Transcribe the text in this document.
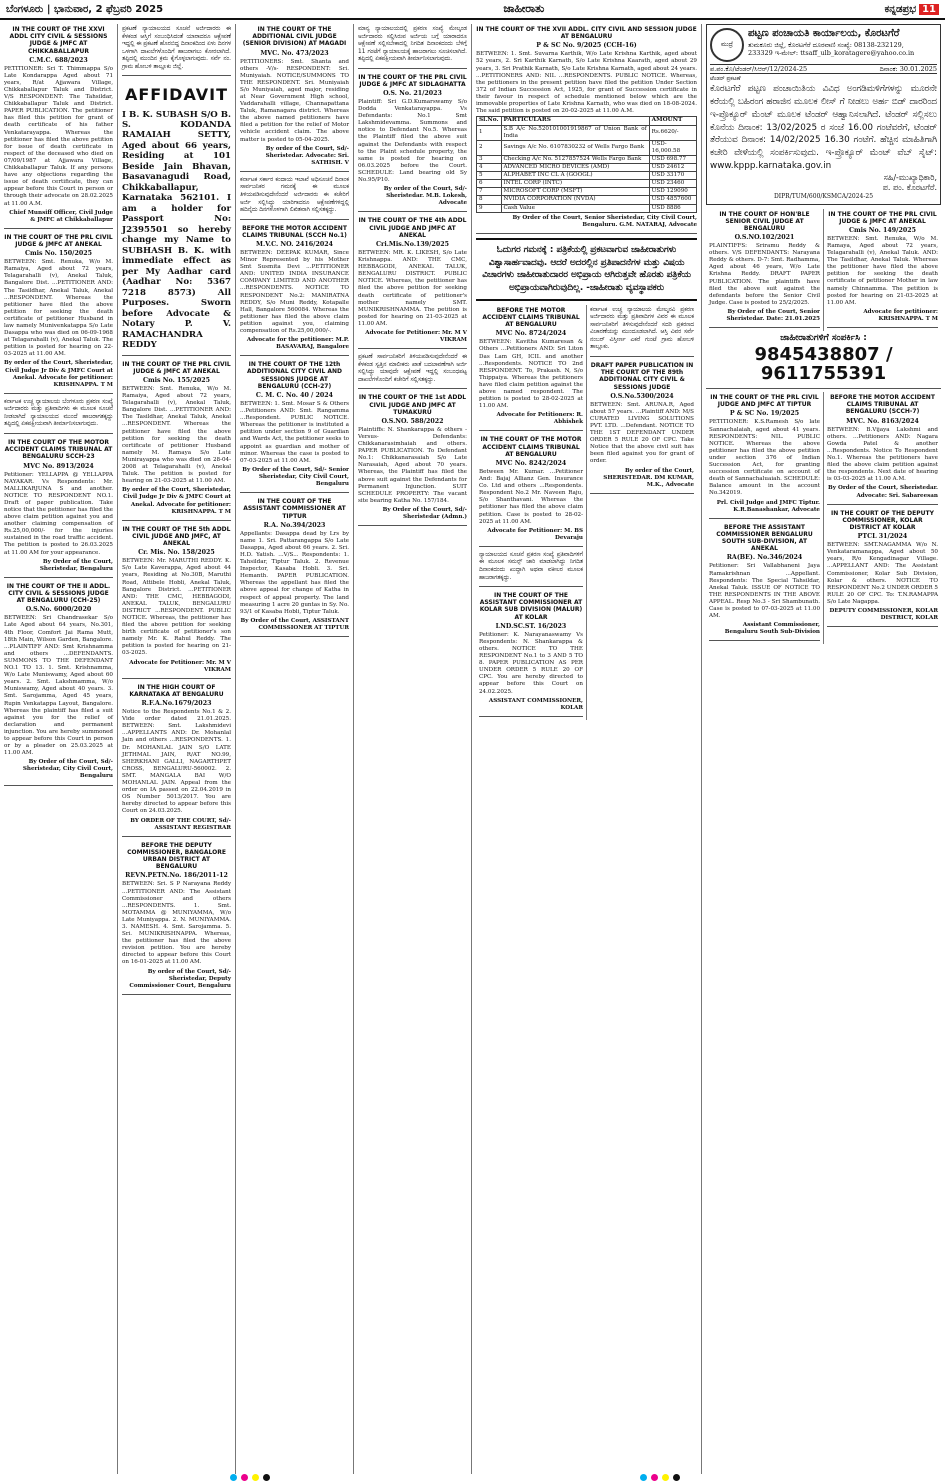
ಬೆಂಗಳೂರು | ಭಾನುವಾರ, 2 ಫೆಬ್ರವರಿ 2025	ಜಾಹೀರಾತು	ಕನ್ನಡಪ್ರಭ 11
IN THE COURT OF THE XXVI ADDL CITY CIVIL & SESSIONS JUDGE & JMFC AT CHIKKABALLAPUR
C.M.C. 688/2023

PETITIONER: Sri T. Thimmappa S/o Late Kondarappa Aged about 71 years, R/at Ajjawara Village, Chikkaballapur Taluk and District. V/S RESPONDENT: The Tahsildar, Chikkaballapur Taluk and District. PAPER PUBLICATION. The petitioner has filed this petition for grant of death certificate of his father Venkatarayappa. Whereas the petitioner has filed the above petition for issue of death certificate in respect of the deceased who died on 07/09/1987 at Ajjawara Village, Chikkaballapur Taluk. If any persons have any objections regarding the issue of death certificate, they can appear before this Court in person or through their advocate on 28.02.2025 at 11.00 A.M.

Chief Munsiff Officer, Civil Judge & JMFC at Chikkaballapur
IN THE COURT OF THE PRL CIVIL JUDGE & JMFC AT ANEKAL
Cmis No. 150/2025

BETWEEN: Smt. Renuka, W/o M. Ramaiya, Aged about 72 years, Telagarahalli (v), Anekal Taluk, Bangalore Dist. ...PETITIONER AND: The Tasildhar, Anekal Taluk, Anekal ...RESPONDENT. Whereas the petitioner have filed the above petition for seeking the death certificate of petitioner Husband in law namely Munivenkatappa S/o Late Dasappa who was died on 06-09-1968 at Telagarahalli (v), Anekal Taluk. The petition is posted for hearing on 22-03-2025 at 11.00 AM.

By order of the Court, Sheristedar, Civil Judge Jr Div & JMFC Court at Anekal. Advocate for petitioner: KRISHNAPPA. T M
ಕರ್ನಾಟಕ ಉಚ್ಚ ನ್ಯಾಯಾಲಯ ಬೆಂಗಳೂರು ಪ್ರಕರಣ ಸಂಖ್ಯೆ ಅರ್ಜಿದಾರರು ಮತ್ತು ಪ್ರತಿವಾದಿಗಳು ಈ ಮೂಲಕ ಸೂಚನೆ ನೀಡಲಾಗಿದೆ ನ್ಯಾಯಾಲಯದ ಮುಂದೆ ಹಾಜರಾಗತಕ್ಕದ್ದು ತಪ್ಪಿದಲ್ಲಿ ಏಕಪಕ್ಷೀಯವಾಗಿ ತೀರ್ಮಾನಿಸಲಾಗುವುದು.
IN THE COURT OF THE MOTOR ACCIDENT CLAIMS TRIBUNAL AT BENGALURU SCCH-23
MVC No. 8913/2024

Petitioner: YELLAPPA @ YELLAPPA NAYAKAR. Vs Respondents: Mr. MALLIKARJUNA S and another. NOTICE TO RESPONDENT NO.1. Draft of paper publication. Take notice that the petitioner has filed the above claim petition against you and another claiming compensation of Rs.25,00,000/- for the injuries sustained in the road traffic accident. The petition is posted to 26.03.2025 at 11.00 AM for your appearance.

By Order of the Court, Sheristedar, Bengaluru
IN THE COURT OF THE II ADDL. CITY CIVIL & SESSIONS JUDGE AT BENGALURU (CCH-25)
O.S.No. 6000/2020

BETWEEN: Sri Chandrasekar S/o Late Aged about 64 years, No.301, 4th Floor, Comfort Jai Rama Mutt, 18th Main, Wilson Garden, Bangalore. ...PLAINTIFF AND: Smt Krishnamma and others ...DEFENDANTS. SUMMONS TO THE DEFENDANT NO.1 TO 13. 1. Smt. Krishnamma, W/o Late Muniswamy, Aged about 60 years. 2. Smt. Lakshmamma, W/o Muniswamy, Aged about 40 years. 3. Smt. Sarojamma, Aged 45 years, Rupin Venkatappa Layout, Bangalore. Whereas the plaintiff has filed a suit against you for the relief of declaration and permanent injunction. You are hereby summoned to appear before this Court in person or by a pleader on 25.03.2025 at 11.00 AM.

By Order of the Court, Sd/- Sheristedar, City Civil Court, Bengaluru
ಪ್ರಕಟಣೆ ನ್ಯಾಯಾಲಯದ ಸೂಚನೆ ಅರ್ಜಿದಾರರು ಈ ಕೆಳಕಂಡ ಆಸ್ತಿಗೆ ಸಂಬಂಧಿಸಿದಂತೆ ಯಾರಾದರೂ ಆಕ್ಷೇಪಣೆ ಇದ್ದಲ್ಲಿ ಈ ಪ್ರಕಟಣೆ ಹೊರಬಿದ್ದ ದಿನಾಂಕದಿಂದ ಏಳು ದಿನಗಳ ಒಳಗಾಗಿ ದಾಖಲೆಗಳೊಂದಿಗೆ ಹಾಜರಾಗಲು ಕೋರಲಾಗಿದೆ. ತಪ್ಪಿದಲ್ಲಿ ಮುಂದಿನ ಕ್ರಮ ಕೈಗೊಳ್ಳಲಾಗುವುದು. ಸರ್ವೆ ನಂ. ಗ್ರಾಮ ಹೋಬಳಿ ತಾಲ್ಲೂಕು ಜಿಲ್ಲೆ.
AFFIDAVIT
I B. K. SUBASH S/O B. S. KODANDA RAMAIAH SETTY, Aged about 66 years, Residing at 101 Beside Jain Bhavan, Basavanagudi Road, Chikkaballapur, Karnataka 562101. I am a holder for Passport No: J2395501 so hereby change my Name to SUBHASH B. K. with immediate effect as per My Aadhar card (Aadhar No: 5367 7218 8573) All Purposes. Sworn before Advocate & Notary P. V. RAMACHANDRA REDDY
IN THE COURT OF THE PRL CIVIL JUDGE & JMFC AT ANEKAL
Cmis No. 155/2025

BETWEEN: Smt. Renuka, W/o M. Ramaiya, Aged about 72 years, Telagarahalli (v), Anekal Taluk, Bangalore Dist. ...PETITIONER AND: The Tasildhar, Anekal Taluk, Anekal ...RESPONDENT. Whereas the petitioner have filed the above petition for seeking the death certificate of petitioner Husband namely M. Ramaya S/o Late Munirayappa who was died on 28-04-2008 at Telagarahalli (v), Anekal Taluk. The petition is posted for hearing on 21-03-2025 at 11.00 AM.

By order of the Court, Sheristedar, Civil Judge Jr Div & JMFC Court at Anekal. Advocate for petitioner: KRISHNAPPA. T M
IN THE COURT OF THE 5th ADDL CIVIL JUDGE AND JMFC, AT ANEKAL
Cr. Mis. No. 158/2025

BETWEEN: Mr. MARUTHI REDDY. K. S/o Late Kaverappa, Aged about 44 years, Residing at No.30B, Maruthi Road, Attibele Hobli, Anekal Taluk, Bangalore District. ...PETITIONER AND: THE CMC, HEBBAGODI, ANEKAL TALUK, BENGALURU DISTRICT ...RESPONDENT. PUBLIC NOTICE. Whereas, the petitioner has filed the above petition for seeking birth certificate of petitioner's son namely Mr. K. Rahul Reddy. The petition is posted for hearing on 21-03-2025.

Advocate for Petitioner: Mr. M V VIKRAM
IN THE HIGH COURT OF KARNATAKA AT BENGALURU
R.F.A.No.1679/2023

Notice to the Respondents No.1 & 2. Vide order dated 21.01.2025. BETWEEN: Smt. Lakshmidevi ...APPELLANTS AND: Dr. Mohanlal Jain and others ...RESPONDENTS. 1. Dr. MOHANLAL JAIN S/O LATE JETHMAL JAIN, R/AT NO.99, SHERKHANI GALLI, NAGARTHPET CROSS, BENGALURU-560002. 2. SMT. MANGALA BAI W/O MOHANLAL JAIN. Appeal from the order on IA passed on 22.04.2019 in OS Number 5013/2017. You are hereby directed to appear before this Court on 24.03.2025.

BY ORDER OF THE COURT, Sd/- ASSISTANT REGISTRAR
BEFORE THE DEPUTY COMMISSIONER, BANGALORE URBAN DISTRICT AT BENGALURU
REVN.PETN.No. 186/2011-12

BETWEEN: Sri. S P Narayana Reddy ...PETITIONER AND: The Assistant Commissioner and others ...RESPONDENTS. 1. Smt. MOTAMMA @ MUNIYAMMA, W/o Late Muniyappa. 2. N. MUNIYAMMA. 3. NAMESH. 4. Smt. Sarojamma. 5. Sri. MUNIKRISHNAPPA. Whereas, the petitioner has filed the above revision petition. You are hereby directed to appear before this Court on 16-01-2025 at 11.00 AM.

By order of the Court, Sd/- Sheristedar, Deputy Commissioner Court, Bengaluru
IN THE COURT OF THE ADDITIONAL CIVIL JUDGE (SENIOR DIVISION) AT MAGADI
MVC. No. 473/2023

PETITIONERS: Smt. Shanta and others -V/s- RESPONDENT: Sri. Muniyaiah. NOTICE/SUMMONS TO THE RESPONDENT. Sri. Muniyaiah S/o Muniyaiah, aged major, residing at Near Government High school, Vaddarahalli village, Channapattana Taluk, Ramanagara district. Whereas the above named petitioners have filed a petition for the relief of Motor vehicle accident claim. The above matter is posted to 05-04-2025.

By order of the Court, Sd/- Sheristedar. Advocate: Sri. SATHISH. V
ಕರ್ನಾಟಕ ಸರ್ಕಾರ ಕಂದಾಯ ಇಲಾಖೆ ಅಧಿಸೂಚನೆ ದಿನಾಂಕ ಸಾರ್ವಜನಿಕರ ಗಮನಕ್ಕೆ ಈ ಮೂಲಕ ತಿಳಿಯಪಡಿಸುವುದೇನೆಂದರೆ ಅರ್ಜಿದಾರರು ಈ ಕಚೇರಿಗೆ ಅರ್ಜಿ ಸಲ್ಲಿಸಿದ್ದು ಯಾರಿಗಾದರೂ ಆಕ್ಷೇಪಣೆಗಳಿದ್ದಲ್ಲಿ ಹದಿನೈದು ದಿನಗಳೊಳಗಾಗಿ ಲಿಖಿತವಾಗಿ ಸಲ್ಲಿಸತಕ್ಕದ್ದು.
BEFORE THE MOTOR ACCIDENT CLAIMS TRIBUNAL (SCCH No.1)
M.V.C. NO. 2416/2024

BETWEEN: DEEPAK KUMAR, Since Minor Represented by his Mother Smt Susmita Devi ...PETITIONER AND: UNITED INDIA INSURANCE COMPANY LIMITED AND ANOTHER ...RESPONDENTS. NOTICE TO RESPONDENT No.2: MANIRATNA REDDY, S/o Muni Reddy, Kotapalle Hall, Bangalore 560084. Whereas the petitioner has filed the above claim petition against you, claiming compensation of Rs.25,00,000/-.

Advocate for the petitioner: M.P. BASAVARAJ, Bangalore
IN THE COURT OF THE 12th ADDITIONAL CITY CIVIL AND SESSIONS JUDGE AT BENGALURU (CCH-27)
C. M. C. No. 40 / 2024

BETWEEN: 1. Smt. Mosar S & Others ...Petitioners AND: Smt. Rangamma ...Respondent. PUBLIC NOTICE. Whereas the petitioner is instituted a petition under section 9 of Guardian and Wards Act, the petitioner seeks to appoint as guardian and mother of minor. Whereas the case is posted to 07-03-2025 at 11.00 AM.

By Order of the Court, Sd/- Senior Sheristedar, City Civil Court, Bengaluru
IN THE COURT OF THE ASSISTANT COMMISSIONER AT TIPTUR
R.A. No.394/2023

Appellants: Dasappa dead by Lrs by name 1. Sri. Pattarangappa S/o Late Dasappa, Aged about 66 years. 2. Sri. H.D. Yatish. ...V/S... Respondents: 1. Tahsildar, Tiptur Taluk. 2. Revenue Inspector, Kasaba Hobli. 3. Sri. Hemanth. PAPER PUBLICATION. Whereas the appellant has filed the above appeal for change of Katha in respect of appeal property. The land measuring 1 acre 20 guntas in Sy. No. 93/1 of Kasaba Hobli, Tiptur Taluk.

By Order of the Court, ASSISTANT COMMISSIONER AT TIPTUR
ಮಾನ್ಯ ನ್ಯಾಯಾಲಯದಲ್ಲಿ ಪ್ರಕರಣ ಸಂಖ್ಯೆ ಮೇಲ್ಕಂಡ ಅರ್ಜಿದಾರರು ಸಲ್ಲಿಸಿರುವ ಅರ್ಜಿಯ ಬಗ್ಗೆ ಯಾರಾದರೂ ಆಕ್ಷೇಪಣೆ ಸಲ್ಲಿಸಬೇಕಾದಲ್ಲಿ ನಿಗದಿತ ದಿನಾಂಕದಂದು ಬೆಳಿಗ್ಗೆ 11 ಗಂಟೆಗೆ ನ್ಯಾಯಾಲಯಕ್ಕೆ ಹಾಜರಾಗಲು ಸೂಚಿಸಲಾಗಿದೆ. ತಪ್ಪಿದಲ್ಲಿ ಏಕಪಕ್ಷೀಯವಾಗಿ ತೀರ್ಮಾನಿಸಲಾಗುವುದು.
IN THE COURT OF THE PRL CIVIL JUDGE & JMFC AT SIDLAGHATTA
O.S. No. 21/2023

Plaintiff: Sri G.D.Kumarswamy S/o Dodda Venkatarayappa. Vs Defendants: No.1 Smt Lakshmidevamma. Summons and notice to Defendant No.5. Whereas the Plaintiff filed the above suit against the Defendants with respect to the Plaint schedule property, the same is posted for hearing on 06.03.2025 before the Court. SCHEDULE: Land bearing old Sy No.95/P10.

By order of the Court, Sd/- Sheristedar. M.B. Lokesh, Advocate
IN THE COURT OF THE 4th ADDL CIVIL JUDGE AND JMFC AT ANEKAL
Cri.Mis.No.139/2025

BETWEEN: MR. K. LIKESH, S/o Late Krishnappa. AND: THE CMC, HEBBAGODI, ANEKAL TALUK, BENGALURU DISTRICT. PUBLIC NOTICE. Whereas, the petitioner has filed the above petition for seeking death certificate of petitioner's mother namely SMT. MUNIKRISHNAMMA. The petition is posted for hearing on 21-03-2025 at 11.00 AM.

Advocate for Petitioner: Mr. M V VIKRAM
ಪ್ರಕಟಣೆ ಸಾರ್ವಜನಿಕರಿಗೆ ತಿಳಿಯಪಡಿಸುವುದೇನೆಂದರೆ ಈ ಕೆಳಕಂಡ ಸ್ವತ್ತಿನ ಮಾಲೀಕರು ಖಾತೆ ಬದಲಾವಣೆಗಾಗಿ ಅರ್ಜಿ ಸಲ್ಲಿಸಿದ್ದು ಯಾವುದೇ ಆಕ್ಷೇಪಣೆ ಇದ್ದಲ್ಲಿ ಸಂಬಂಧಪಟ್ಟ ದಾಖಲೆಗಳೊಂದಿಗೆ ಕಚೇರಿಗೆ ಸಲ್ಲಿಸತಕ್ಕದ್ದು.
IN THE COURT OF THE 1st ADDL CIVIL JUDGE AND JMFC AT TUMAKURU
O.S.NO. 588/2022

Plaintiffs: N. Shankarappa & others -Versus- Defendants: Chikkanarasimhaiah and others. PAPER PUBLICATION. To Defendant No.1: Chikkanarasaiah S/o Late Narasaiah, Aged about 70 years. Whereas, the Plaintiff has filed the above suit against the Defendants for Permanent Injunction. SUIT SCHEDULE PROPERTY: The vacant site bearing Katha No. 157/184.

By Order of the Court, Sd/- Sheristedar (Admn.)
IN THE COURT OF THE XVII ADDL. CITY CIVIL AND SESSION JUDGE AT BENGALURU
P & SC No. 9/2025 (CCH-16)

BETWEEN: 1. Smt. Suvarna Karthik, W/o Late Krishna Karthik, aged about 52 years, 2. Sri Karthik Karnath, S/o Late Krishna Kaarath, aged about 29 years, 3. Sri Prathik Karnath, S/o Late Krishna Karnath, aged about 24 years. ...PETITIONERS AND: NIL ...RESPONDENTS. PUBLIC NOTICE. Whereas, the petitioners in the present petition have filed the petition Under Section 372 of Indian Succession Act, 1925, for grant of Succession certificate in their favour in respect of schedule mentioned below which are the immovable properties of Late Krishna Karnath, who was died on 18-08-2024. The said petition is posted on 20-02-2025 at 11.00 A.M.

Sl.No.	PARTICULARS	AMOUNT
1	S.B A/c No.520101001919867 of Union Bank of India	Rs.6620/-
2	Savings A/c No. 6107830232 of Wells Fargo Bank	USD-16,000.58
3	Checking A/c No. 5127857524 Wells Fargo Bank	USD 698.77
4	ADVANCED MICRO DEVICES (AMD)	USD 24612
5	ALPHABET INC CL A (GOOGL)	USD 33170
6	INTEL CORP (INTC)	USD 23460
7	MICROSOFT CORP (MSFT)	USD 129090
8	NVIDIA CORPORATION (NVDA)	USD 4857600
9	Cash Value	USD 8886
By Order of the Court, Senior Sheristedar, City Civil Court, Bengaluru. G.M. NATARAJ, Advocate
ಓದುಗರ ಗಮನಕ್ಕೆ : ಪತ್ರಿಕೆಯಲ್ಲಿ ಪ್ರಕಟವಾಗುವ ಜಾಹೀರಾತುಗಳು ವಿಶ್ವಾಸಾರ್ಹವಾದವು. ಆದರೆ ಅದರಲ್ಲಿನ ಪ್ರತಿಪಾದನೆಗಳ ಮತ್ತು ವಿಷಯ ವಿಚಾರಗಳು ಜಾಹೀರಾತುದಾರರ ಅಭಿಪ್ರಾಯ ಆಗಿರುತ್ತವೇ ಹೊರತು ಪತ್ರಿಕೆಯ ಅಭಿಪ್ರಾಯವಾಗಿರುವುದಿಲ್ಲ. -ಜಾಹೀರಾತು ವ್ಯವಸ್ಥಾಪಕರು
BEFORE THE MOTOR ACCIDENT CLAIMS TRIBUNAL AT BENGALURU
MVC No. 8724/2024

BETWEEN: Kavitha Kumaresan & Others ...Petitioners AND: Sri Liton Das Lam GH, ICIL and another ...Respondents. NOTICE TO 2nd RESPONDENT. To, Prakash. N, S/o Thippaiya. Whereas the petitioners have filed claim petition against the above named respondent. The petition is posted to 28-02-2025 at 11.00 AM.

Advocate for Petitioners: R. Abhishek
IN THE COURT OF THE MOTOR ACCIDENT CLAIMS TRIBUNAL AT BENGALURU
MVC No. 8242/2024

Between Mr. Kumar. ...Petitioner And: Bajaj Allianz Gen. Insurance Co. Ltd and others ...Respondents. Respondent No.2 Mr. Naveen Raju, S/o Shanthavani. Whereas the petitioner has filed the above claim petition. Case is posted to 28-02-2025 at 11.00 AM.

Advocate for Petitioner: M. BS Devaraju
ನ್ಯಾಯಾಲಯದ ಸೂಚನೆ ಪ್ರಕರಣ ಸಂಖ್ಯೆ ಪ್ರತಿವಾದಿಗಳಿಗೆ ಈ ಮೂಲಕ ಸಮನ್ಸ್ ಜಾರಿ ಮಾಡಲಾಗಿದ್ದು ನಿಗದಿತ ದಿನಾಂಕದಂದು ಖುದ್ದಾಗಿ ಅಥವಾ ವಕೀಲರ ಮೂಲಕ ಹಾಜರಾಗತಕ್ಕದ್ದು.
IN THE COURT OF THE ASSISTANT COMMISSIONER AT KOLAR SUB DIVISION (MALUR) AT KOLAR
LND.SC.ST. 16/2023

Petitioner: K. Narayanaswamy Vs Respondents: N. Shankarappa & others. NOTICE TO THE RESPONDENT No.1 to 3 AND 5 TO 8. PAPER PUBLICATION AS PER UNDER ORDER 5 RULE 20 OF CPC. You are hereby directed to appear before this Court on 24.02.2025.

ASSISTANT COMMISSIONER, KOLAR
ಕರ್ನಾಟಕ ಉಚ್ಚ ನ್ಯಾಯಾಲಯ ಮೇಲ್ಮನವಿ ಪ್ರಕರಣ ಅರ್ಜಿದಾರರು ಮತ್ತು ಪ್ರತಿವಾದಿಗಳ ವಿವರ ಈ ಮೂಲಕ ಸಾರ್ವಜನಿಕರಿಗೆ ತಿಳಿಸುವುದೇನೆಂದರೆ ಸದರಿ ಪ್ರಕರಣದ ವಿಚಾರಣೆಯನ್ನು ಮುಂದೂಡಲಾಗಿದೆ. ಆಸ್ತಿ ವಿವರ ಸರ್ವೆ ನಂಬರ್ ವಿಸ್ತೀರ್ಣ ಎಕರೆ ಗುಂಟೆ ಗ್ರಾಮ ಹೋಬಳಿ ತಾಲ್ಲೂಕು.
DRAFT PAPER PUBLICATION IN THE COURT OF THE 89th ADDITIONAL CITY CIVIL & SESSIONS JUDGE
O.S.No.5300/2024

BETWEEN: Smt. ARUNA.R, Aged about 57 years. ...Plaintiff AND: M/S CURATED LIVING SOLUTIONS PVT. LTD. ...Defendant. NOTICE TO THE 1ST DEFENDANT UNDER ORDER 5 RULE 20 OF CPC. Take Notice that the above civil suit has been filed against you for grant of order.

By order of the Court, SHERISTEDAR. DM KUMAR, M.K., Advocate
ಮುದ್ರೆ
ಪಟ್ಟಣ ಪಂಚಾಯತಿ ಕಾರ್ಯಾಲಯ, ಕೊರಟಗೆರೆ
ತುಮಕೂರು ಜಿಲ್ಲೆ, ಕೊರಟಗೆರೆ ದೂರವಾಣಿ ಸಂಖ್ಯೆ: 08138-232129,
233329 ಇ-ಮೇಲ್: ttsaff_ulb_koratagere@yahoo.co.in
ಪ.ಪಂ.ಕೊ/ಟೆಂಡರ್/ಸಿಆರ್/12/2024-25	ದಿನಾಂಕ: 30.01.2025
ಟೆಂಡರ್ ಪ್ರಕಟಣೆ
ಕೊರಟಗೆರೆ ಪಟ್ಟಣ ಪಂಚಾಯಿತಿಯ ವಿವಿಧ ಅಂಗಡಿಮಳಿಗೆಗಳನ್ನು ಮೂರನೇ ಕರೆಯಲ್ಲಿ ಬಹಿರಂಗ ಹರಾಜಿನ ಮೂಲಕ ಲೀಸ್ ಗೆ ನೀಡಲು ಅರ್ಹ ಬಿಡ್ ದಾರರಿಂದ ಇ-ಪ್ರೊಕ್ಯೂರ್ ಮೆಂಟ್ ಮೂಲಕ ಟೆಂಡರ್ ಆಹ್ವಾನಿಸಲಾಗಿದೆ. ಟೆಂಡರ್ ಸಲ್ಲಿಸಲು ಕೊನೆಯ ದಿನಾಂಕ: 13/02/2025 ರ ಸಂಜೆ 16.00 ಗಂಟೆವರೆಗೆ, ಟೆಂಡರ್ ತೆರೆಯುವ ದಿನಾಂಕ: 14/02/2025 16.30 ಗಂಟೆಗೆ. ಹೆಚ್ಚಿನ ಮಾಹಿತಿಗಾಗಿ ಕಚೇರಿ ವೇಳೆಯಲ್ಲಿ ಸಂಪರ್ಕಿಸುವುದು. ಇ-ಪ್ರೊಕ್ಯೂರ್ ಮೆಂಟ್ ವೆಬ್ ಸೈಟ್: www.kppp.karnataka.gov.in
ಸಹಿ/-ಮುಖ್ಯಾಧಿಕಾರಿ,
ಪ. ಪಂ. ಕೊರಟಗೆರೆ.
DIPR/TUM/600/KSMCA/2024-25
IN THE COURT OF HON'BLE SENIOR CIVIL JUDGE AT BENGALURU
O.S.NO.102/2021

PLAINTIFFS: Sriramu Reddy & others. V/S DEFENDANTS: Narayana Reddy & others. D-7: Smt. Radhamma, Aged about 46 years, W/o Late Krishna Reddy. DRAFT PAPER PUBLICATION. The plaintiffs have filed the above suit against the defendants before the Senior Civil Judge. Case is posted to 25/2/2025.

By Order of the Court, Senior Sheristedar. Date: 21.01.2025
IN THE COURT OF THE PRL CIVIL JUDGE & JMFC AT ANEKAL
Cmis No. 149/2025

BETWEEN: Smt. Renuka, W/o M. Ramaya, Aged about 72 years, Telagarahalli (v), Anekal Taluk. AND: The Tasildhar, Anekal Taluk. Whereas the petitioner have filed the above petition for seeking the death certificate of petitioner Mother in law namely Chinnamma. The petition is posted for hearing on 21-03-2025 at 11.00 AM.

Advocate for petitioner: KRISHNAPPA. T M
ಜಾಹೀರಾತುಗಳಿಗೆ ಸಂಪರ್ಕಿಸಿ :
9845438807 / 9611755391
IN THE COURT OF THE PRL CIVIL JUDGE AND JMFC AT TIPTUR
P & SC No. 19/2025

PETITIONER: K.S.Ramesh S/o late Sannachalaiah, aged about 41 years. RESPONDENTS: NIL. PUBLIC NOTICE. Whereas the above petitioner has filed the above petition under section 376 of Indian Succession Act, for granting succession certificate on account of death of Sannachaluaiah. SCHEDULE: Balance amount in the account No.342019.

Prl. Civil Judge and JMFC Tiptur. K.R.Banashankar, Advocate
BEFORE THE ASSISTANT COMMISSIONER BENGALURU SOUTH SUB-DIVISION, AT ANEKAL
RA(BE). No.346/2024

Petitioner: Sri Vallabhaneni Jaya Ramakrishnan ...Appellant. Respondents: The Special Tahsildar, Anekal Taluk. ISSUE OF NOTICE TO THE RESPONDENTS IN THE ABOVE APPEAL. Resp No.3 - Sri Shambunath. Case is posted to 07-03-2025 at 11.00 AM.

Assistant Commissioner, Bengaluru South Sub-Division
BEFORE THE MOTOR ACCIDENT CLAIMS TRIBUNAL AT BENGALURU (SCCH-7)
MVC. No. 8163/2024

BETWEEN: B.Vijaya Lakshmi and others. ...Petitioners AND: Nagara Gowda Patel & another ...Respondents. Notice To Respondent No.1. Whereas the petitioners have filed the above claim petition against the respondents. Next date of hearing is 03-03-2025 at 11.00 A.M.

By Order of the Court, Sheristedar. Advocate: Sri. Sabareesan
IN THE COURT OF THE DEPUTY COMMISSIONER, KOLAR DISTRICT AT KOLAR
PTCL 31/2024

BETWEEN: SMT.NAGAMMA W/o N. Venkataramanappa, Aged about 50 years, R/o Kengadinagar Village. ...APPELLANT AND: The Assistant Commissioner, Kolar Sub Division, Kolar & others. NOTICE TO RESPONDENT No.2 UNDER ORDER 5 RULE 20 OF CPC. To: T.N.RAMAPPA S/o Late Nagappa.

DEPUTY COMMISSIONER, KOLAR DISTRICT, KOLAR
